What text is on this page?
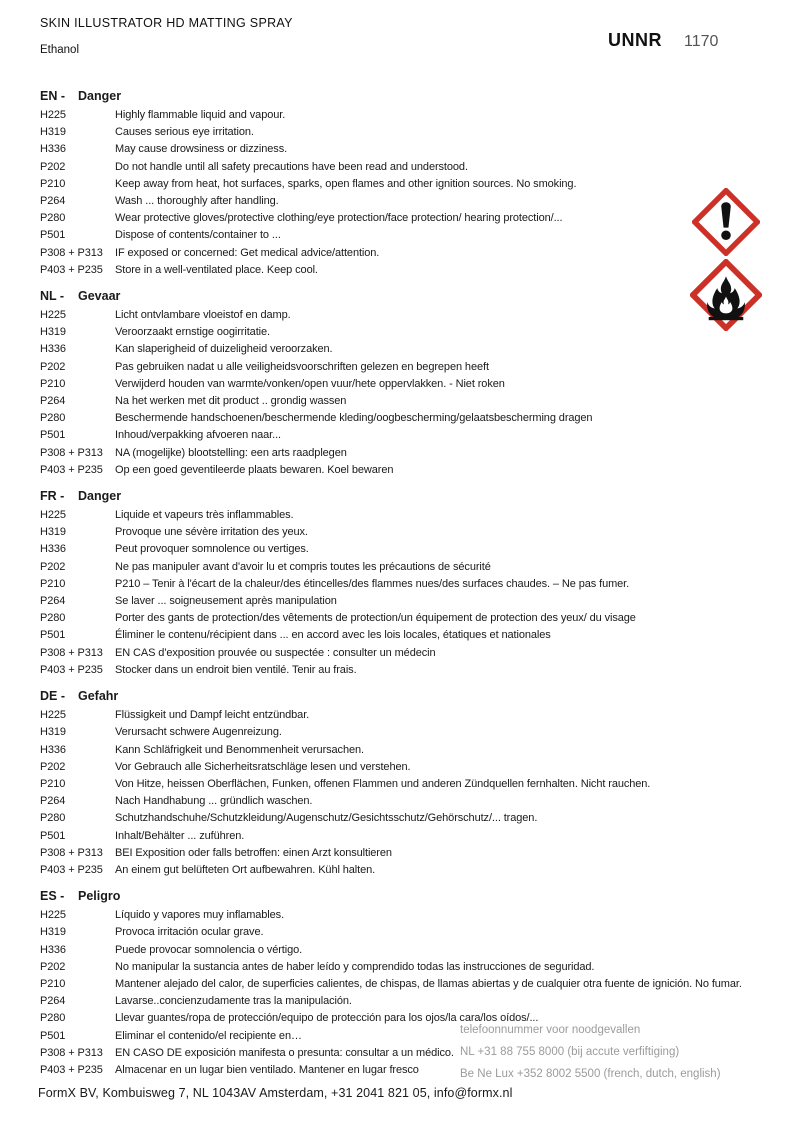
SKIN ILLUSTRATOR HD MATTING SPRAY
Ethanol	UNNR 1170
EN - Danger
H225	Highly flammable liquid and vapour.
H319	Causes serious eye irritation.
H336	May cause drowsiness or dizziness.
P202	Do not handle until all safety precautions have been read and understood.
P210	Keep away from heat, hot surfaces, sparks, open flames and other ignition sources. No smoking.
P264	Wash ... thoroughly after handling.
P280	Wear protective gloves/protective clothing/eye protection/face protection/ hearing protection/...
P501	Dispose of contents/container to ...
P308 + P313	IF exposed or concerned: Get medical advice/attention.
P403 + P235	Store in a well-ventilated place. Keep cool.
NL - Gevaar
H225	Licht ontvlambare vloeistof en damp.
H319	Veroorzaakt ernstige oogirritatie.
H336	Kan slaperigheid of duizeligheid veroorzaken.
P202	Pas gebruiken nadat u alle veiligheidsvoorschriften gelezen en begrepen heeft
P210	Verwijderd houden van warmte/vonken/open vuur/hete oppervlakken. - Niet roken
P264	Na het werken met dit product .. grondig wassen
P280	Beschermende handschoenen/beschermende kleding/oogbescherming/gelaatsbescherming dragen
P501	Inhoud/verpakking afvoeren naar...
P308 + P313	NA (mogelijke) blootstelling: een arts raadplegen
P403 + P235	Op een goed geventileerde plaats bewaren. Koel bewaren
FR - Danger
H225	Liquide et vapeurs très inflammables.
H319	Provoque une sévère irritation des yeux.
H336	Peut provoquer somnolence ou vertiges.
P202	Ne pas manipuler avant d'avoir lu et compris toutes les précautions de sécurité
P210	P210 – Tenir à l'écart de la chaleur/des étincelles/des flammes nues/des surfaces chaudes. – Ne pas fumer.
P264	Se laver ... soigneusement après manipulation
P280	Porter des gants de protection/des vêtements de protection/un équipement de protection des yeux/ du visage
P501	Éliminer le contenu/récipient dans ... en accord avec les lois locales, étatiques et nationales
P308 + P313	EN CAS d'exposition prouvée ou suspectée : consulter un médecin
P403 + P235	Stocker dans un endroit bien ventilé. Tenir au frais.
DE - Gefahr
H225	Flüssigkeit und Dampf leicht entzündbar.
H319	Verursacht schwere Augenreizung.
H336	Kann Schläfrigkeit und Benommenheit verursachen.
P202	Vor Gebrauch alle Sicherheitsratschläge lesen und verstehen.
P210	Von Hitze, heissen Oberflächen, Funken, offenen Flammen und anderen Zündquellen fernhalten. Nicht rauchen.
P264	Nach Handhabung ... gründlich waschen.
P280	Schutzhandschuhe/Schutzkleidung/Augenschutz/Gesichtsschutz/Gehörschutz/... tragen.
P501	Inhalt/Behälter ... zuführen.
P308 + P313	BEI Exposition oder falls betroffen: einen Arzt konsultieren
P403 + P235	An einem gut belüfteten Ort aufbewahren. Kühl halten.
ES - Peligro
H225	Líquido y vapores muy inflamables.
H319	Provoca irritación ocular grave.
H336	Puede provocar somnolencia o vértigo.
P202	No manipular la sustancia antes de haber leído y comprendido todas las instrucciones de seguridad.
P210	Mantener alejado del calor, de superficies calientes, de chispas, de llamas abiertas y de cualquier otra fuente de ignición. No fumar.
P264	Lavarse..concienzudamente tras la manipulación.
P280	Llevar guantes/ropa de protección/equipo de protección para los ojos/la cara/los oídos/...
P501	Eliminar el contenido/el recipiente en…
P308 + P313	EN CASO DE exposición manifesta o presunta: consultar a un médico.
P403 + P235	Almacenar en un lugar bien ventilado. Mantener en lugar fresco
telefoonnummer voor noodgevallen
NL +31 88 755 8000 (bij accute verfiftiging)
Be Ne Lux +352 8002 5500 (french, dutch, english)
FormX BV, Kombuisweg 7, NL 1043AV Amsterdam, +31 2041 821 05, info@formx.nl
